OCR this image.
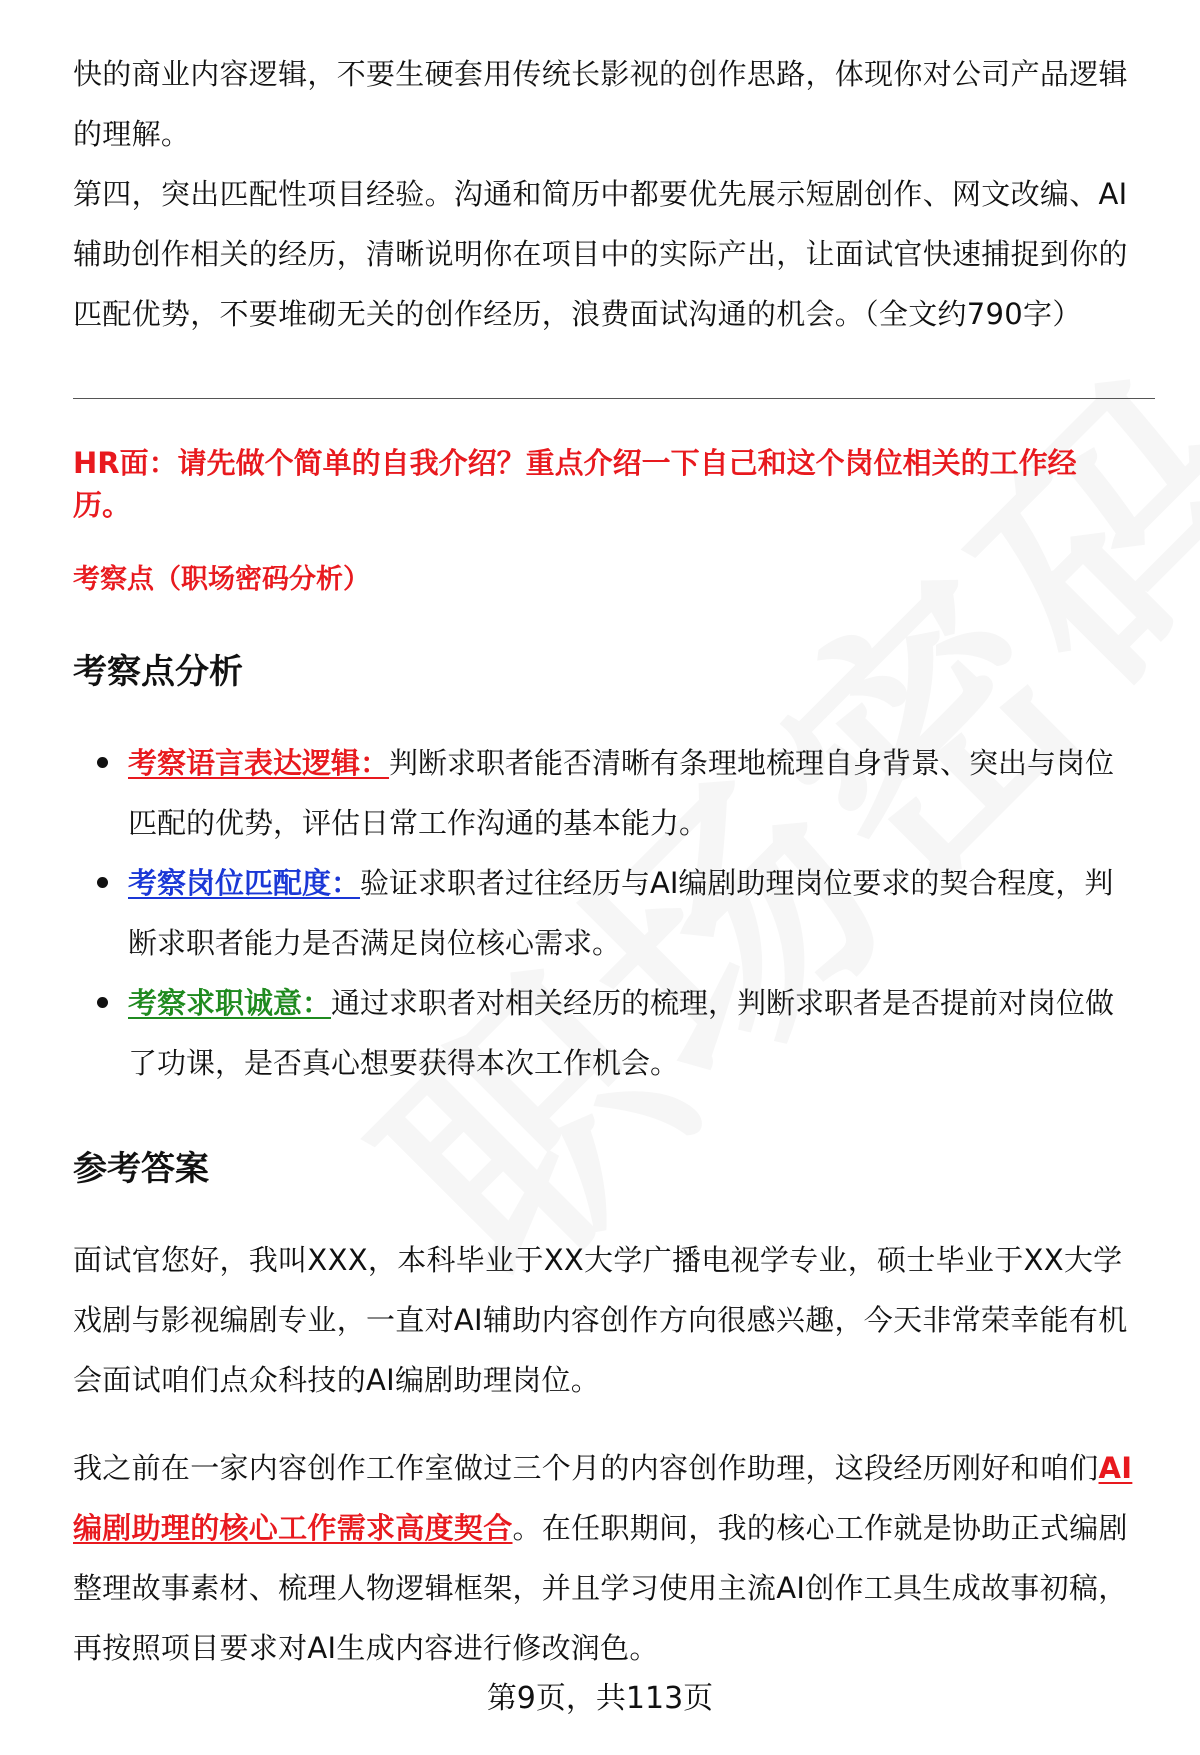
快的商业内容逻辑，不要生硬套用传统长影视的创作思路，体现你对公司产品逻辑

的理解。

第四，突出匹配性项目经验。沟通和简历中都要优先展示短剧创作、网文改编、AI

辅助创作相关的经历，清晰说明你在项目中的实际产出，让面试官快速捕捉到你的

匹配优势，不要堆砌无关的创作经历，浪费面试沟通的机会。（全文约790字）

HR面：请先做个简单的自我介绍？重点介绍一下自己和这个岗位相关的工作经

历。

考察点（职场密码分析）

考察点分析

考察语言表达逻辑：判断求职者能否清晰有条理地梳理自身背景、突出与岗位
匹配的优势，评估日常工作沟通的基本能力。
考察岗位匹配度：验证求职者过往经历与AI编剧助理岗位要求的契合程度，判
断求职者能力是否满足岗位核心需求。
考察求职诚意：通过求职者对相关经历的梳理，判断求职者是否提前对岗位做
了功课，是否真心想要获得本次工作机会。

参考答案

面试官您好，我叫XXX，本科毕业于XX大学广播电视学专业，硕士毕业于XX大学

戏剧与影视编剧专业，一直对AI辅助内容创作方向很感兴趣，今天非常荣幸能有机

会面试咱们点众科技的AI编剧助理岗位。

我之前在一家内容创作工作室做过三个月的内容创作助理，这段经历刚好和咱们AI

编剧助理的核心工作需求高度契合。在任职期间，我的核心工作就是协助正式编剧

整理故事素材、梳理人物逻辑框架，并且学习使用主流AI创作工具生成故事初稿，

再按照项目要求对AI生成内容进行修改润色。

第9页，共113页
